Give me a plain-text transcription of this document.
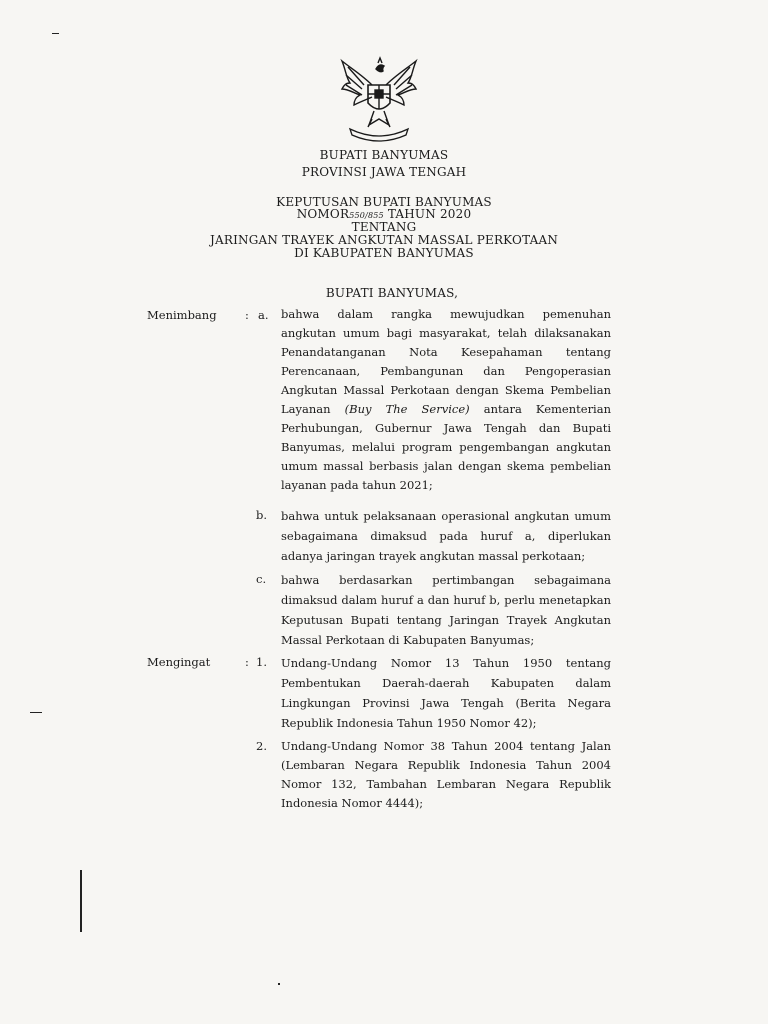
BUPATI BANYUMAS
PROVINSI JAWA TENGAH
KEPUTUSAN BUPATI BANYUMAS
NOMOR550/855 TAHUN 2020
TENTANG
JARINGAN TRAYEK ANGKUTAN MASSAL PERKOTAAN
DI KABUPATEN BANYUMAS
BUPATI BANYUMAS,
Menimbang : a. bahwa dalam rangka mewujudkan pemenuhan angkutan umum bagi masyarakat, telah dilaksanakan Penandatanganan Nota Kesepahaman tentang Perencanaan, Pembangunan dan Pengoperasian Angkutan Massal Perkotaan dengan Skema Pembelian Layanan (Buy The Service) antara Kementerian Perhubungan, Gubernur Jawa Tengah dan Bupati Banyumas, melalui program pengembangan angkutan umum massal berbasis jalan dengan skema pembelian layanan pada tahun 2021;
b. bahwa untuk pelaksanaan operasional angkutan umum sebagaimana dimaksud pada huruf a, diperlukan adanya jaringan trayek angkutan massal perkotaan;
c. bahwa berdasarkan pertimbangan sebagaimana dimaksud dalam huruf a dan huruf b, perlu menetapkan Keputusan Bupati tentang Jaringan Trayek Angkutan Massal Perkotaan di Kabupaten Banyumas;
Mengingat	: 1. Undang-Undang Nomor 13 Tahun 1950 tentang Pembentukan Daerah-daerah Kabupaten dalam Lingkungan Provinsi Jawa Tengah (Berita Negara Republik Indonesia Tahun 1950 Nomor 42);
2. Undang-Undang Nomor 38 Tahun 2004 tentang Jalan (Lembaran Negara Republik Indonesia Tahun 2004 Nomor 132, Tambahan Lembaran Negara Republik Indonesia Nomor 4444);
